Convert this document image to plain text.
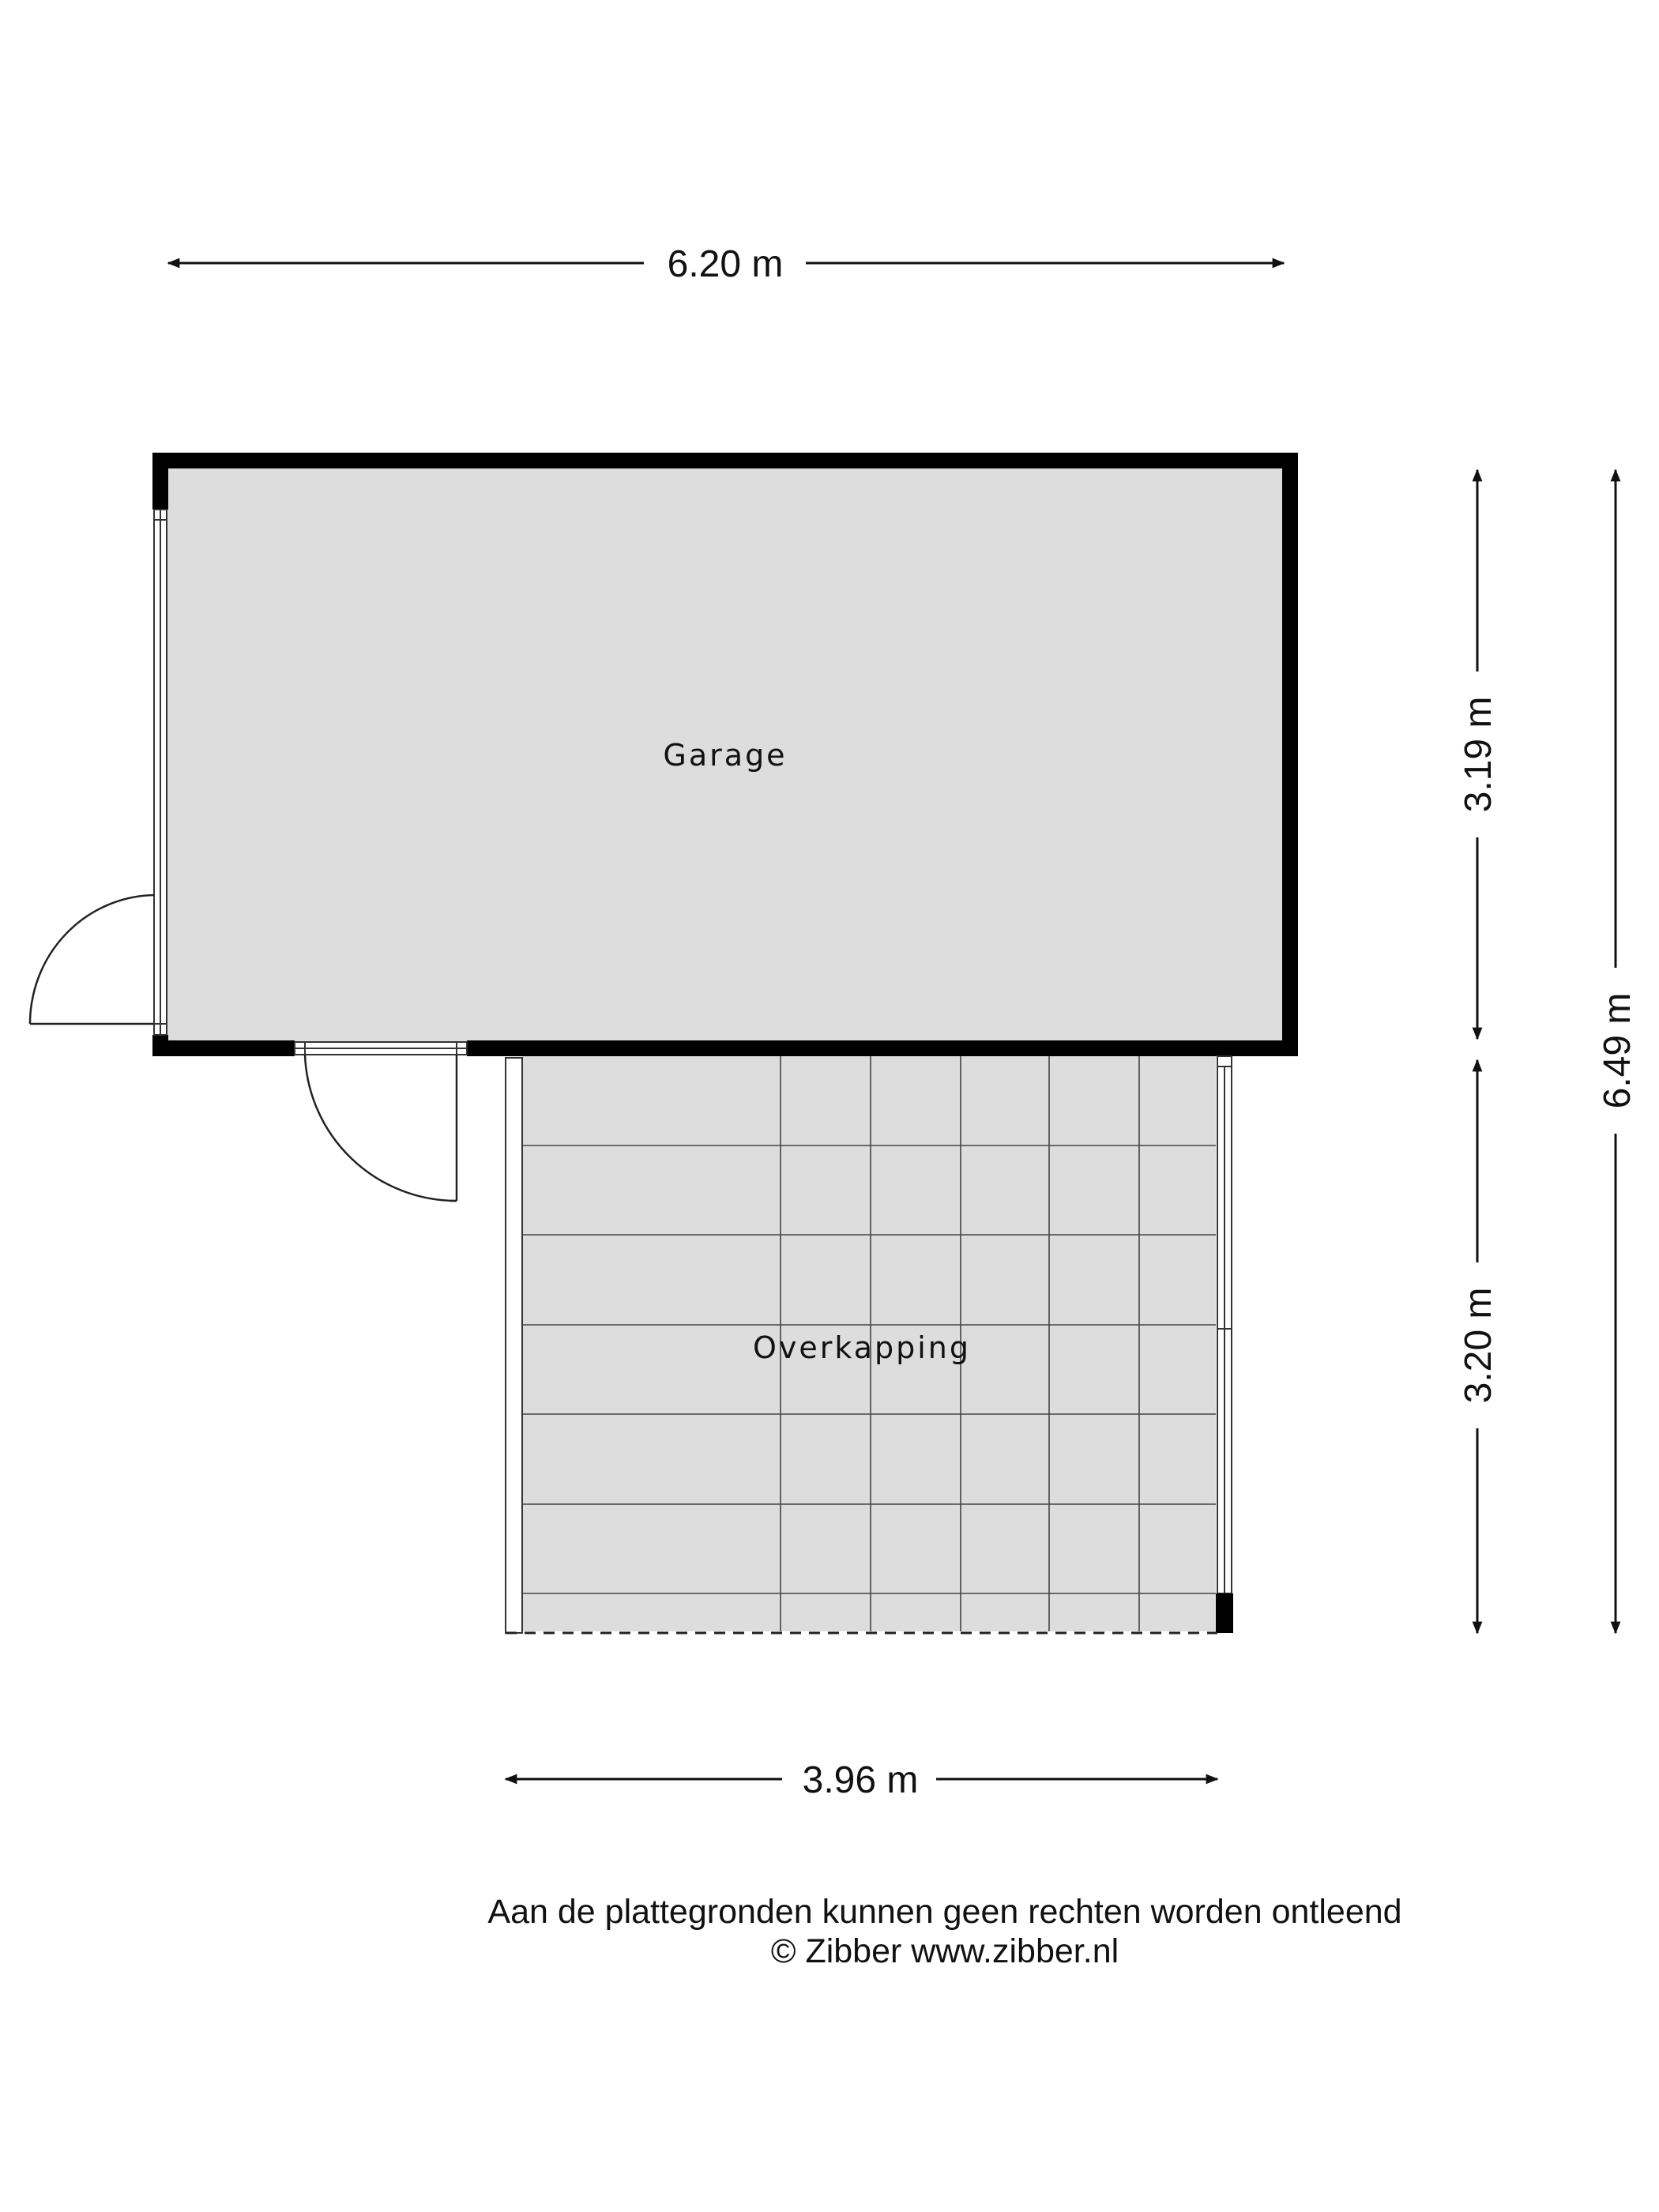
6.20 m
Garage
Overkapping
3.19 m
3.20 m
6.49 m
3.96 m
Aan de plattegronden kunnen geen rechten worden ontleend
© Zibber www.zibber.nl
